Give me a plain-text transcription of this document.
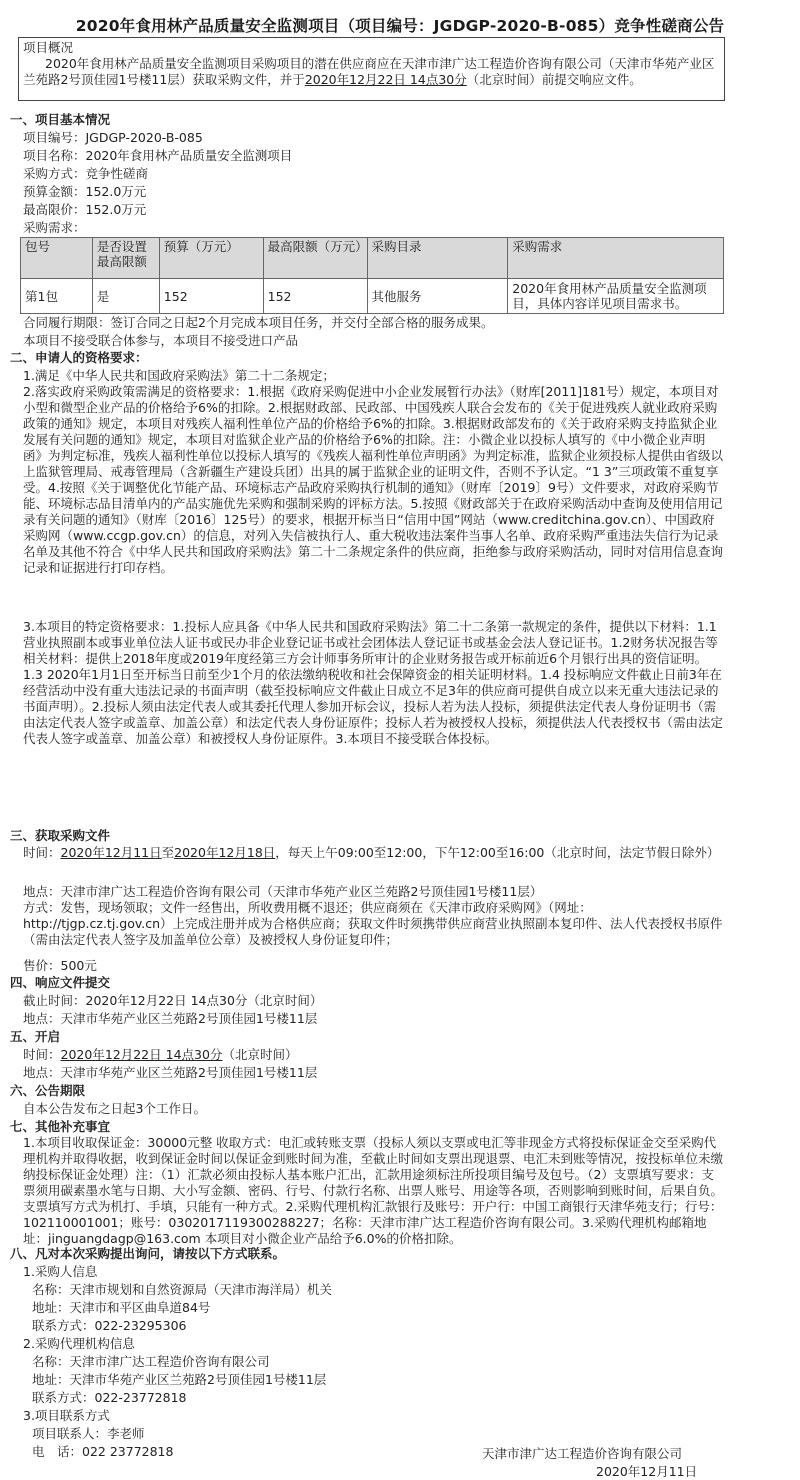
2020年食用林产品质量安全监测项目（项目编号：JGDGP-2020-B-085）竞争性磋商公告
项目概况
2020年食用林产品质量安全监测项目采购项目的潜在供应商应在天津市津广达工程造价咨询有限公司（天津市华苑产业区兰苑路2号顶佳园1号楼11层）获取采购文件，并于2020年12月22日 14点30分（北京时间）前提交响应文件。
一、项目基本情况
项目编号：JGDGP-2020-B-085
项目名称：2020年食用林产品质量安全监测项目
采购方式：竞争性磋商
预算金额：152.0万元
最高限价：152.0万元
采购需求：
包号	是否设置最高限额	预算（万元）	最高限额（万元）	采购目录	采购需求
第1包	是	152	152	其他服务	2020年食用林产品质量安全监测项目，具体内容详见项目需求书。
合同履行期限：签订合同之日起2个月完成本项目任务，并交付全部合格的服务成果。
本项目不接受联合体参与，本项目不接受进口产品
二、申请人的资格要求：
1.满足《中华人民共和国政府采购法》第二十二条规定；
2.落实政府采购政策需满足的资格要求：1.根据《政府采购促进中小企业发展暂行办法》（财库[2011]181号）规定，本项目对小型和微型企业产品的价格给予6%的扣除。2.根据财政部、民政部、中国残疾人联合会发布的《关于促进残疾人就业政府采购政策的通知》规定，本项目对残疾人福利性单位产品的价格给予6%的扣除。3.根据财政部发布的《关于政府采购支持监狱企业发展有关问题的通知》规定，本项目对监狱企业产品的价格给予6%的扣除。注：小微企业以投标人填写的《中小微企业声明函》为判定标准，残疾人福利性单位以投标人填写的《残疾人福利性单位声明函》为判定标准，监狱企业须投标人提供由省级以上监狱管理局、戒毒管理局（含新疆生产建设兵团）出具的属于监狱企业的证明文件，否则不予认定。“1 3”三项政策不重复享受。4.按照《关于调整优化节能产品、环境标志产品政府采购执行机制的通知》（财库〔2019〕9号）文件要求，对政府采购节能、环境标志品目清单内的产品实施优先采购和强制采购的评标方法。5.按照《财政部关于在政府采购活动中查询及使用信用记录有关问题的通知》（财库〔2016〕125号）的要求，根据开标当日“信用中国”网站（www.creditchina.gov.cn）、中国政府采购网（www.ccgp.gov.cn）的信息，对列入失信被执行人、重大税收违法案件当事人名单、政府采购严重违法失信行为记录名单及其他不符合《中华人民共和国政府采购法》第二十二条规定条件的供应商，拒绝参与政府采购活动，同时对信用信息查询记录和证据进行打印存档。
3.本项目的特定资格要求：1.投标人应具备《中华人民共和国政府采购法》第二十二条第一款规定的条件，提供以下材料：1.1营业执照副本或事业单位法人证书或民办非企业登记证书或社会团体法人登记证书或基金会法人登记证书。1.2财务状况报告等相关材料：提供上2018年度或2019年度经第三方会计师事务所审计的企业财务报告或开标前近6个月银行出具的资信证明。1.3 2020年1月1日至开标当日前至少1个月的依法缴纳税收和社会保障资金的相关证明材料。1.4 投标响应文件截止日前3年在经营活动中没有重大违法记录的书面声明（截至投标响应文件截止日成立不足3年的供应商可提供自成立以来无重大违法记录的书面声明）。2.投标人须由法定代表人或其委托代理人参加开标会议，投标人若为法人投标，须提供法定代表人身份证明书（需由法定代表人签字或盖章、加盖公章）和法定代表人身份证原件；投标人若为被授权人投标，须提供法人代表授权书（需由法定代表人签字或盖章、加盖公章）和被授权人身份证原件。3.本项目不接受联合体投标。
三、获取采购文件
时间：2020年12月11日至2020年12月18日，每天上午09:00至12:00，下午12:00至16:00（北京时间，法定节假日除外）
地点：天津市津广达工程造价咨询有限公司（天津市华苑产业区兰苑路2号顶佳园1号楼11层）
方式：发售，现场领取；文件一经售出，所收费用概不退还；供应商须在《天津市政府采购网》（网址：http://tjgp.cz.tj.gov.cn）上完成注册并成为合格供应商；获取文件时须携带供应商营业执照副本复印件、法人代表授权书原件（需由法定代表人签字及加盖单位公章）及被授权人身份证复印件；
售价：500元
四、响应文件提交
截止时间：2020年12月22日 14点30分（北京时间）
地点：天津市华苑产业区兰苑路2号顶佳园1号楼11层
五、开启
时间：2020年12月22日 14点30分（北京时间）
地点：天津市华苑产业区兰苑路2号顶佳园1号楼11层
六、公告期限
自本公告发布之日起3个工作日。
七、其他补充事宜
1.本项目收取保证金：30000元整 收取方式：电汇或转账支票（投标人须以支票或电汇等非现金方式将投标保证金交至采购代理机构并取得收据，收到保证金时间以保证金到账时间为准，至截止时间如支票出现退票、电汇未到账等情况，按投标单位未缴纳投标保证金处理）注：（1）汇款必须由投标人基本账户汇出，汇款用途须标注所投项目编号及包号。（2）支票填写要求：支票须用碳素墨水笔与日期、大小写金额、密码、行号、付款行名称、出票人账号、用途等各项，否则影响到账时间，后果自负。支票填写方式为机打、手填，只能有一种方式。2.采购代理机构汇款银行及账号：开户行：中国工商银行天津华苑支行；行号：102110001001；账号：0302017119300288227；名称：天津市津广达工程造价咨询有限公司。3.采购代理机构邮箱地址：jinguangdagp@163.com 本项目对小微企业产品给予6.0%的价格扣除。
八、凡对本次采购提出询问，请按以下方式联系。
1.采购人信息
名称：天津市规划和自然资源局（天津市海洋局）机关
地址：天津市和平区曲阜道84号
联系方式：022-23295306
2.采购代理机构信息
名称：天津市津广达工程造价咨询有限公司
地址：天津市华苑产业区兰苑路2号顶佳园1号楼11层
联系方式：022-23772818
3.项目联系方式
项目联系人：李老师
电　话：022 23772818	天津市津广达工程造价咨询有限公司
2020年12月11日
